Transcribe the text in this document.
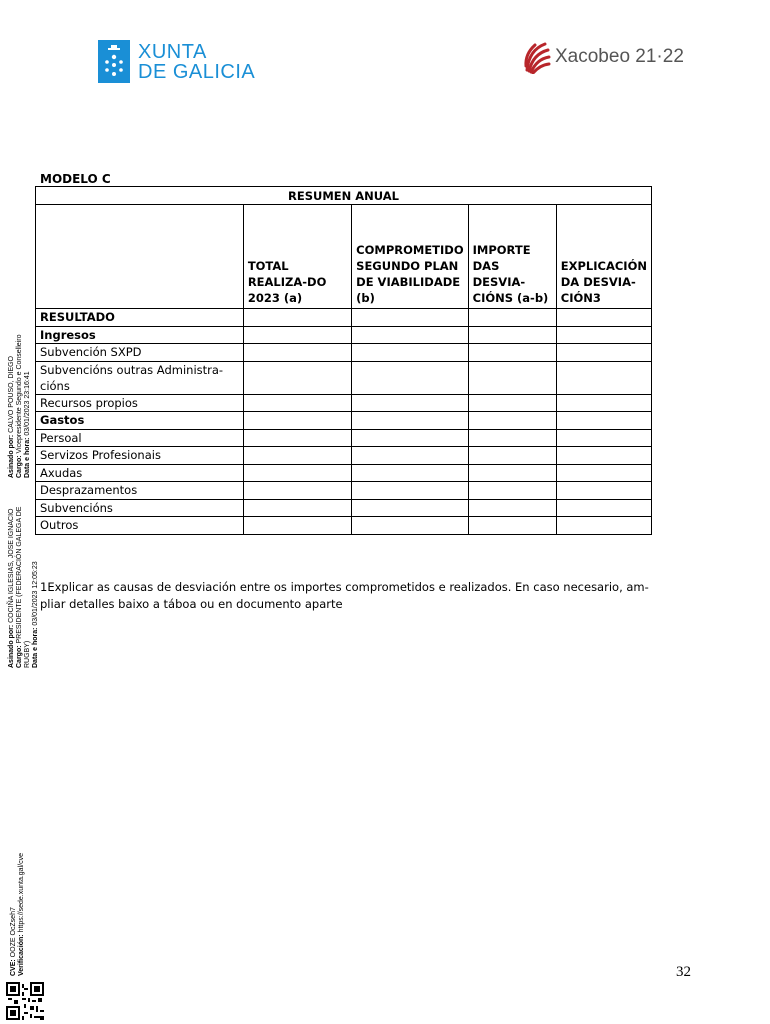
XUNTA
DE GALICIA
Xacobeo 21·22
MODELO C
RESUMEN ANUAL				
	TOTAL REALIZA-DO 2023 (a)	COMPROMETIDO SEGUNDO PLAN DE VIABILIDADE (b)	IMPORTE DAS DESVIA-CIÓNS (a-b)	EXPLICACIÓN DA DESVIA-CIÓN3
RESULTADO				
Ingresos				
Subvención SXPD				
Subvencións outras Administra-cións				
Recursos propios				
Gastos				
Persoal				
Servizos Profesionais				
Axudas				
Desprazamentos				
Subvencións				
Outros				
1Explicar as causas de desviación entre os importes comprometidos e realizados. En caso necesario, am-pliar detalles baixo a táboa ou en documento aparte
Asinado por: CALVO POUSO, DIEGO
Cargo: Vicepresidente Segundo e Conselleiro
Data e hora: 03/01/2023 23:16:41
Asinado por: COCIÑA IGLESIAS, JOSE IGNACIO
Cargo: PRESIDENTE (FEDERACIÓN GALEGA DE
RUGBY) Data e hora: 03/01/2023 12:05:23
CVE: OOZE OcZseh7 Verificación: https://sede.xunta.gal/cve
32
